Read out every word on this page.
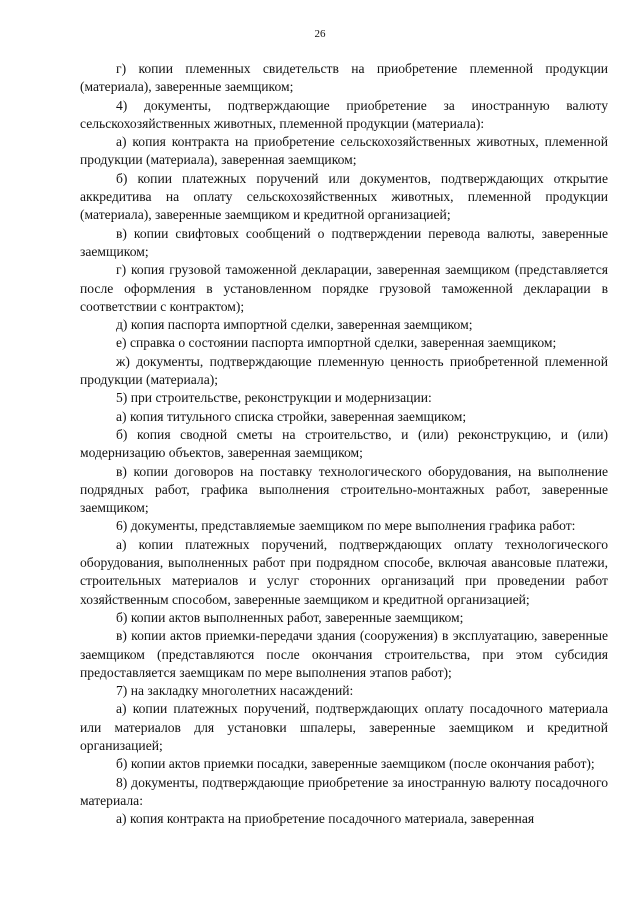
26

г) копии племенных свидетельств на приобретение племенной продукции (материала), заверенные заемщиком;

4) документы, подтверждающие приобретение за иностранную валюту сельскохозяйственных животных, племенной продукции (материала):

а) копия контракта на приобретение сельскохозяйственных животных, племенной продукции (материала), заверенная заемщиком;

б) копии платежных поручений или документов, подтверждающих открытие аккредитива на оплату сельскохозяйственных животных, племенной продукции (материала), заверенные заемщиком и кредитной организацией;

в) копии свифтовых сообщений о подтверждении перевода валюты, заверенные заемщиком;

г) копия грузовой таможенной декларации, заверенная заемщиком (представляется после оформления в установленном порядке грузовой таможенной декларации в соответствии с контрактом);

д) копия паспорта импортной сделки, заверенная заемщиком;

е) справка о состоянии паспорта импортной сделки, заверенная заемщиком;

ж) документы, подтверждающие племенную ценность приобретенной племенной продукции (материала);

5) при строительстве, реконструкции и модернизации:

а) копия титульного списка стройки, заверенная заемщиком;

б) копия сводной сметы на строительство, и (или) реконструкцию, и (или) модернизацию объектов, заверенная заемщиком;

в) копии договоров на поставку технологического оборудования, на выполнение подрядных работ, графика выполнения строительно-монтажных работ, заверенные заемщиком;

6) документы, представляемые заемщиком по мере выполнения графика работ:

а) копии платежных поручений, подтверждающих оплату технологического оборудования, выполненных работ при подрядном способе, включая авансовые платежи, строительных материалов и услуг сторонних организаций при проведении работ хозяйственным способом, заверенные заемщиком и кредитной организацией;

б) копии актов выполненных работ, заверенные заемщиком;

в) копии актов приемки-передачи здания (сооружения) в эксплуатацию, заверенные заемщиком (представляются после окончания строительства, при этом субсидия предоставляется заемщикам по мере выполнения этапов работ);

7) на закладку многолетних насаждений:

а) копии платежных поручений, подтверждающих оплату посадочного материала или материалов для установки шпалеры, заверенные заемщиком и кредитной организацией;

б) копии актов приемки посадки, заверенные заемщиком (после окончания работ);

8) документы, подтверждающие приобретение за иностранную валюту посадочного материала:

а) копия контракта на приобретение посадочного материала, заверенная
